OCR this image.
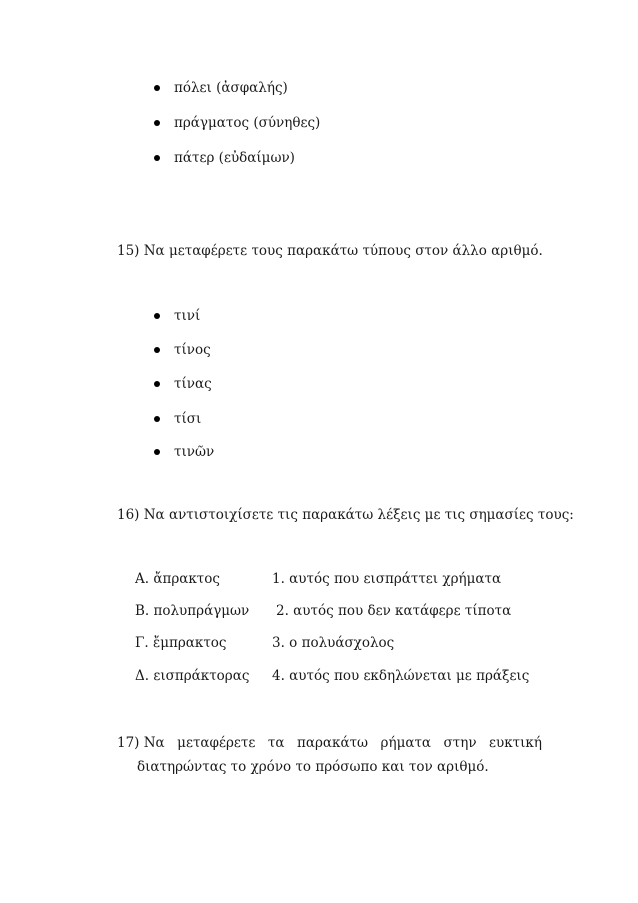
πόλει (ἀσφαλής)
πράγματος (σύνηθες)
πάτερ (εὐδαίμων)
15) Να μεταφέρετε τους παρακάτω τύπους στον άλλο αριθμό.
τινί
τίνος
τίνας
τίσι
τινῶν
16) Να αντιστοιχίσετε τις παρακάτω λέξεις με τις σημασίες τους:
Α. ἄπρακτος	1. αυτός που εισπράττει χρήματα
Β. πολυπράγμων 2. αυτός που δεν κατάφερε τίποτα
Γ. ἔμπρακτος	3. ο πολυάσχολος
Δ. εισπράκτορας 4. αυτός που εκδηλώνεται με πράξεις
17) Να μεταφέρετε τα παρακάτω ρήματα στην ευκτική
διατηρώντας το χρόνο το πρόσωπο και τον αριθμό.
